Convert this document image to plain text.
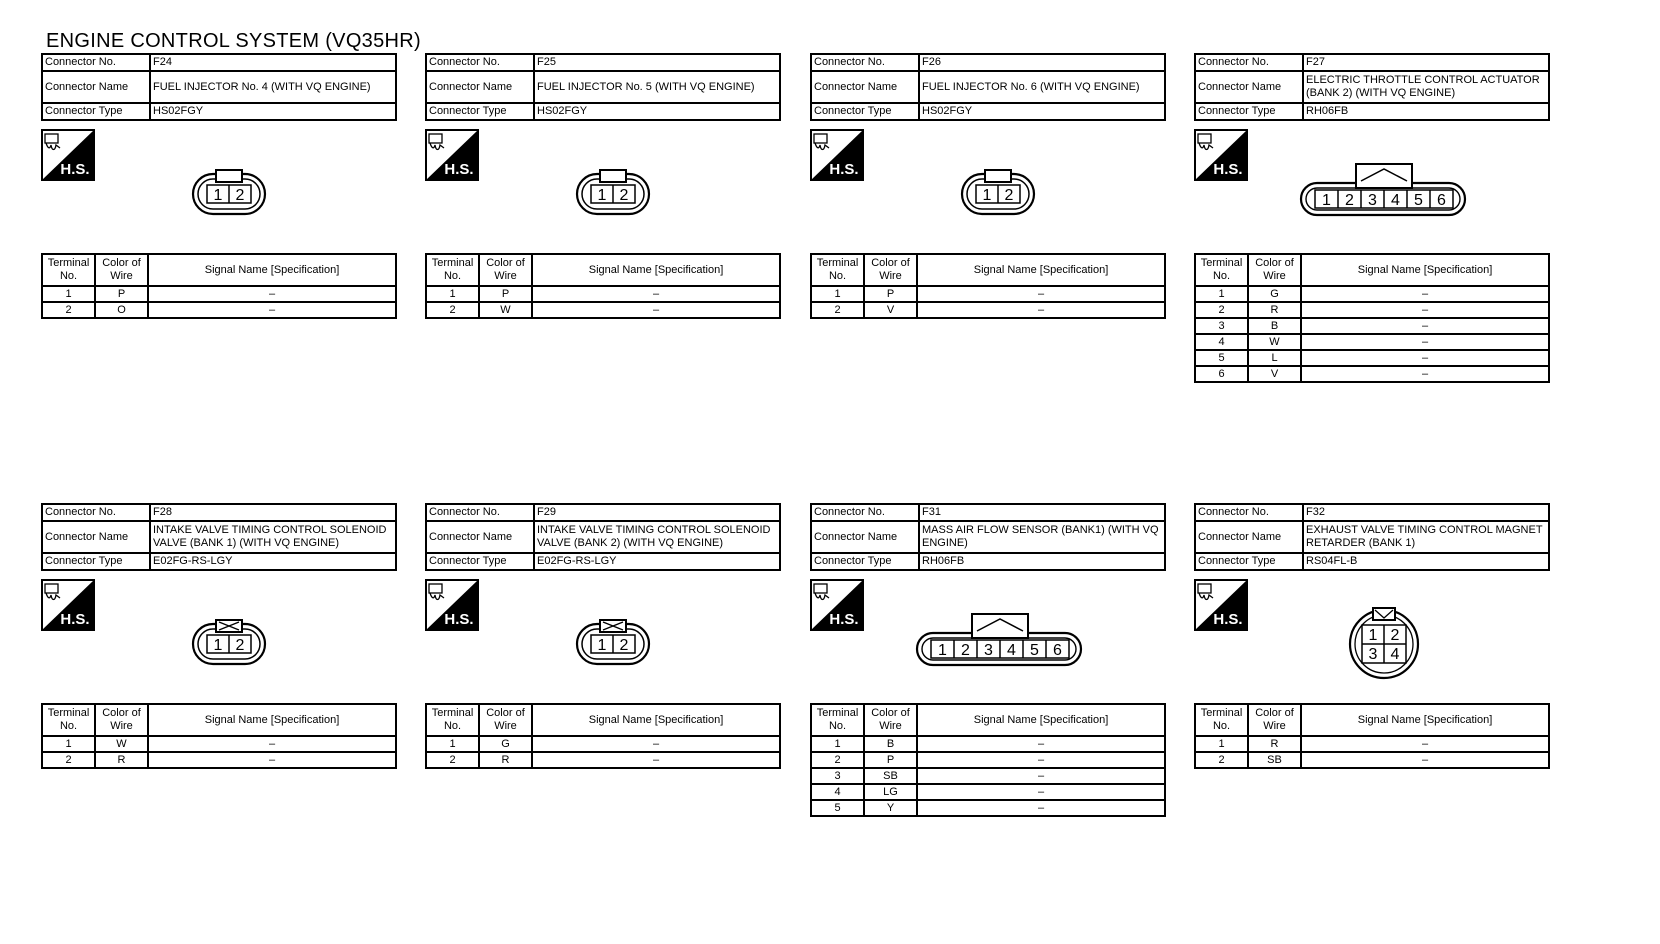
ENGINE CONTROL SYSTEM (VQ35HR)
Connector No.	F24
Connector Name	FUEL INJECTOR No. 4 (WITH VQ ENGINE)
Connector Type	HS02FGY
H.S.
1 2
Terminal No.	Color of Wire	Signal Name [Specification]
1	P	–
2	O	–
Connector No.	F25
Connector Name	FUEL INJECTOR No. 5 (WITH VQ ENGINE)
Connector Type	HS02FGY
H.S.
1 2
Terminal No.	Color of Wire	Signal Name [Specification]
1	P	–
2	W	–
Connector No.	F26
Connector Name	FUEL INJECTOR No. 6 (WITH VQ ENGINE)
Connector Type	HS02FGY
H.S.
1 2
Terminal No.	Color of Wire	Signal Name [Specification]
1	P	–
2	V	–
Connector No.	F27
Connector Name	ELECTRIC THROTTLE CONTROL ACTUATOR (BANK 2) (WITH VQ ENGINE)
Connector Type	RH06FB
H.S.
1 2 3 4 5 6
Terminal No.	Color of Wire	Signal Name [Specification]
1	G	–
2	R	–
3	B	–
4	W	–
5	L	–
6	V	–
Connector No.	F28
Connector Name	INTAKE VALVE TIMING CONTROL SOLENOID VALVE (BANK 1) (WITH VQ ENGINE)
Connector Type	E02FG-RS-LGY
H.S.
1 2
Terminal No.	Color of Wire	Signal Name [Specification]
1	W	–
2	R	–
Connector No.	F29
Connector Name	INTAKE VALVE TIMING CONTROL SOLENOID VALVE (BANK 2) (WITH VQ ENGINE)
Connector Type	E02FG-RS-LGY
H.S.
1 2
Terminal No.	Color of Wire	Signal Name [Specification]
1	G	–
2	R	–
Connector No.	F31
Connector Name	MASS AIR FLOW SENSOR (BANK1) (WITH VQ ENGINE)
Connector Type	RH06FB
H.S.
1 2 3 4 5 6
Terminal No.	Color of Wire	Signal Name [Specification]
1	B	–
2	P	–
3	SB	–
4	LG	–
5	Y	–
Connector No.	F32
Connector Name	EXHAUST VALVE TIMING CONTROL MAGNET RETARDER (BANK 1)
Connector Type	RS04FL-B
H.S.
1 2
3 4
Terminal No.	Color of Wire	Signal Name [Specification]
1	R	–
2	SB	–
